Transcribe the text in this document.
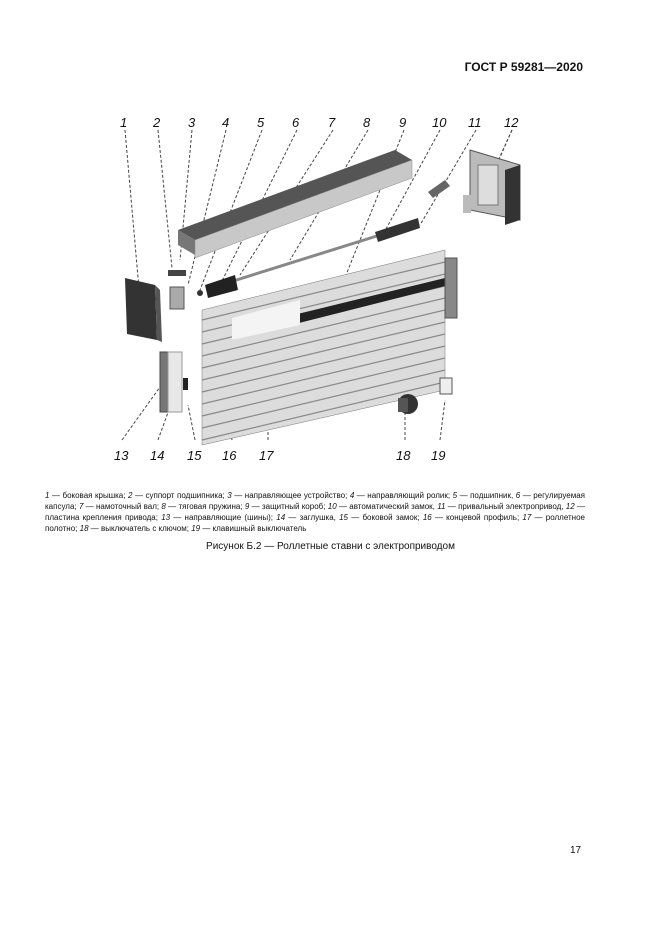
ГОСТ Р 59281—2020
1 2 3 4 5 6 7 8 9 10 11 12
13 14 15 16 17	18 19
1 — боковая крышка; 2 — суппорт подшипника; 3 — направляющее устройство; 4 — направляющий ролик; 5 — подшипник, 6 — регулируемая капсула; 7 — намоточный вал; 8 — тяговая пружина; 9 — защитный короб; 10 — автоматический замок, 11 — привальный электропривод, 12 — пластина крепления привода; 13 — направляющие (шины); 14 — заглушка, 15 — боковой замок; 16 — концевой профиль; 17 — роллетное полотно; 18 — выключатель с ключом; 19 — клавишный выключатель
Рисунок Б.2 — Роллетные ставни с электроприводом
17
